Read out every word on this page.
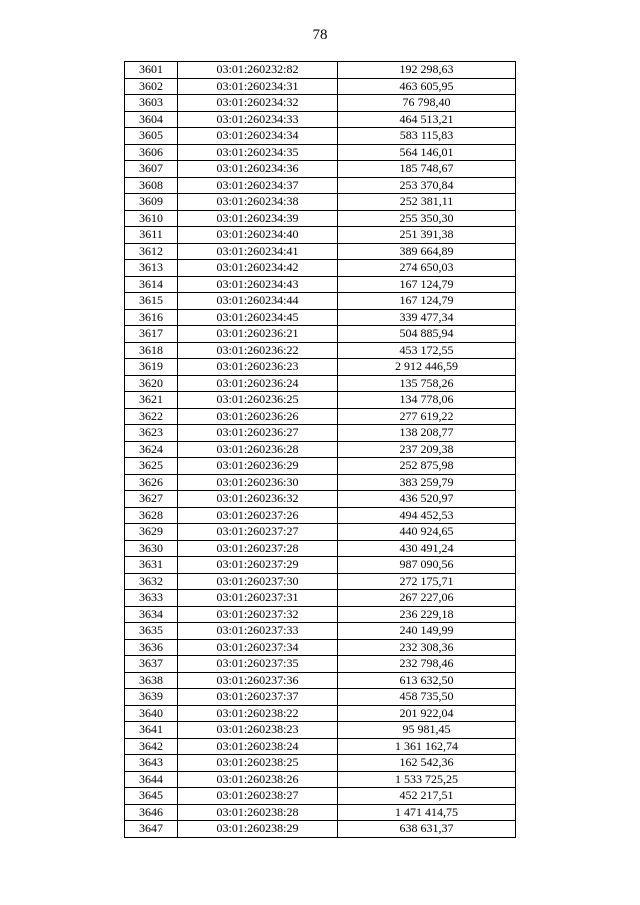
78
3601	03:01:260232:82	192 298,63
3602	03:01:260234:31	463 605,95
3603	03:01:260234:32	76 798,40
3604	03:01:260234:33	464 513,21
3605	03:01:260234:34	583 115,83
3606	03:01:260234:35	564 146,01
3607	03:01:260234:36	185 748,67
3608	03:01:260234:37	253 370,84
3609	03:01:260234:38	252 381,11
3610	03:01:260234:39	255 350,30
3611	03:01:260234:40	251 391,38
3612	03:01:260234:41	389 664,89
3613	03:01:260234:42	274 650,03
3614	03:01:260234:43	167 124,79
3615	03:01:260234:44	167 124,79
3616	03:01:260234:45	339 477,34
3617	03:01:260236:21	504 885,94
3618	03:01:260236:22	453 172,55
3619	03:01:260236:23	2 912 446,59
3620	03:01:260236:24	135 758,26
3621	03:01:260236:25	134 778,06
3622	03:01:260236:26	277 619,22
3623	03:01:260236:27	138 208,77
3624	03:01:260236:28	237 209,38
3625	03:01:260236:29	252 875,98
3626	03:01:260236:30	383 259,79
3627	03:01:260236:32	436 520,97
3628	03:01:260237:26	494 452,53
3629	03:01:260237:27	440 924,65
3630	03:01:260237:28	430 491,24
3631	03:01:260237:29	987 090,56
3632	03:01:260237:30	272 175,71
3633	03:01:260237:31	267 227,06
3634	03:01:260237:32	236 229,18
3635	03:01:260237:33	240 149,99
3636	03:01:260237:34	232 308,36
3637	03:01:260237:35	232 798,46
3638	03:01:260237:36	613 632,50
3639	03:01:260237:37	458 735,50
3640	03:01:260238:22	201 922,04
3641	03:01:260238:23	95 981,45
3642	03:01:260238:24	1 361 162,74
3643	03:01:260238:25	162 542,36
3644	03:01:260238:26	1 533 725,25
3645	03:01:260238:27	452 217,51
3646	03:01:260238:28	1 471 414,75
3647	03:01:260238:29	638 631,37
